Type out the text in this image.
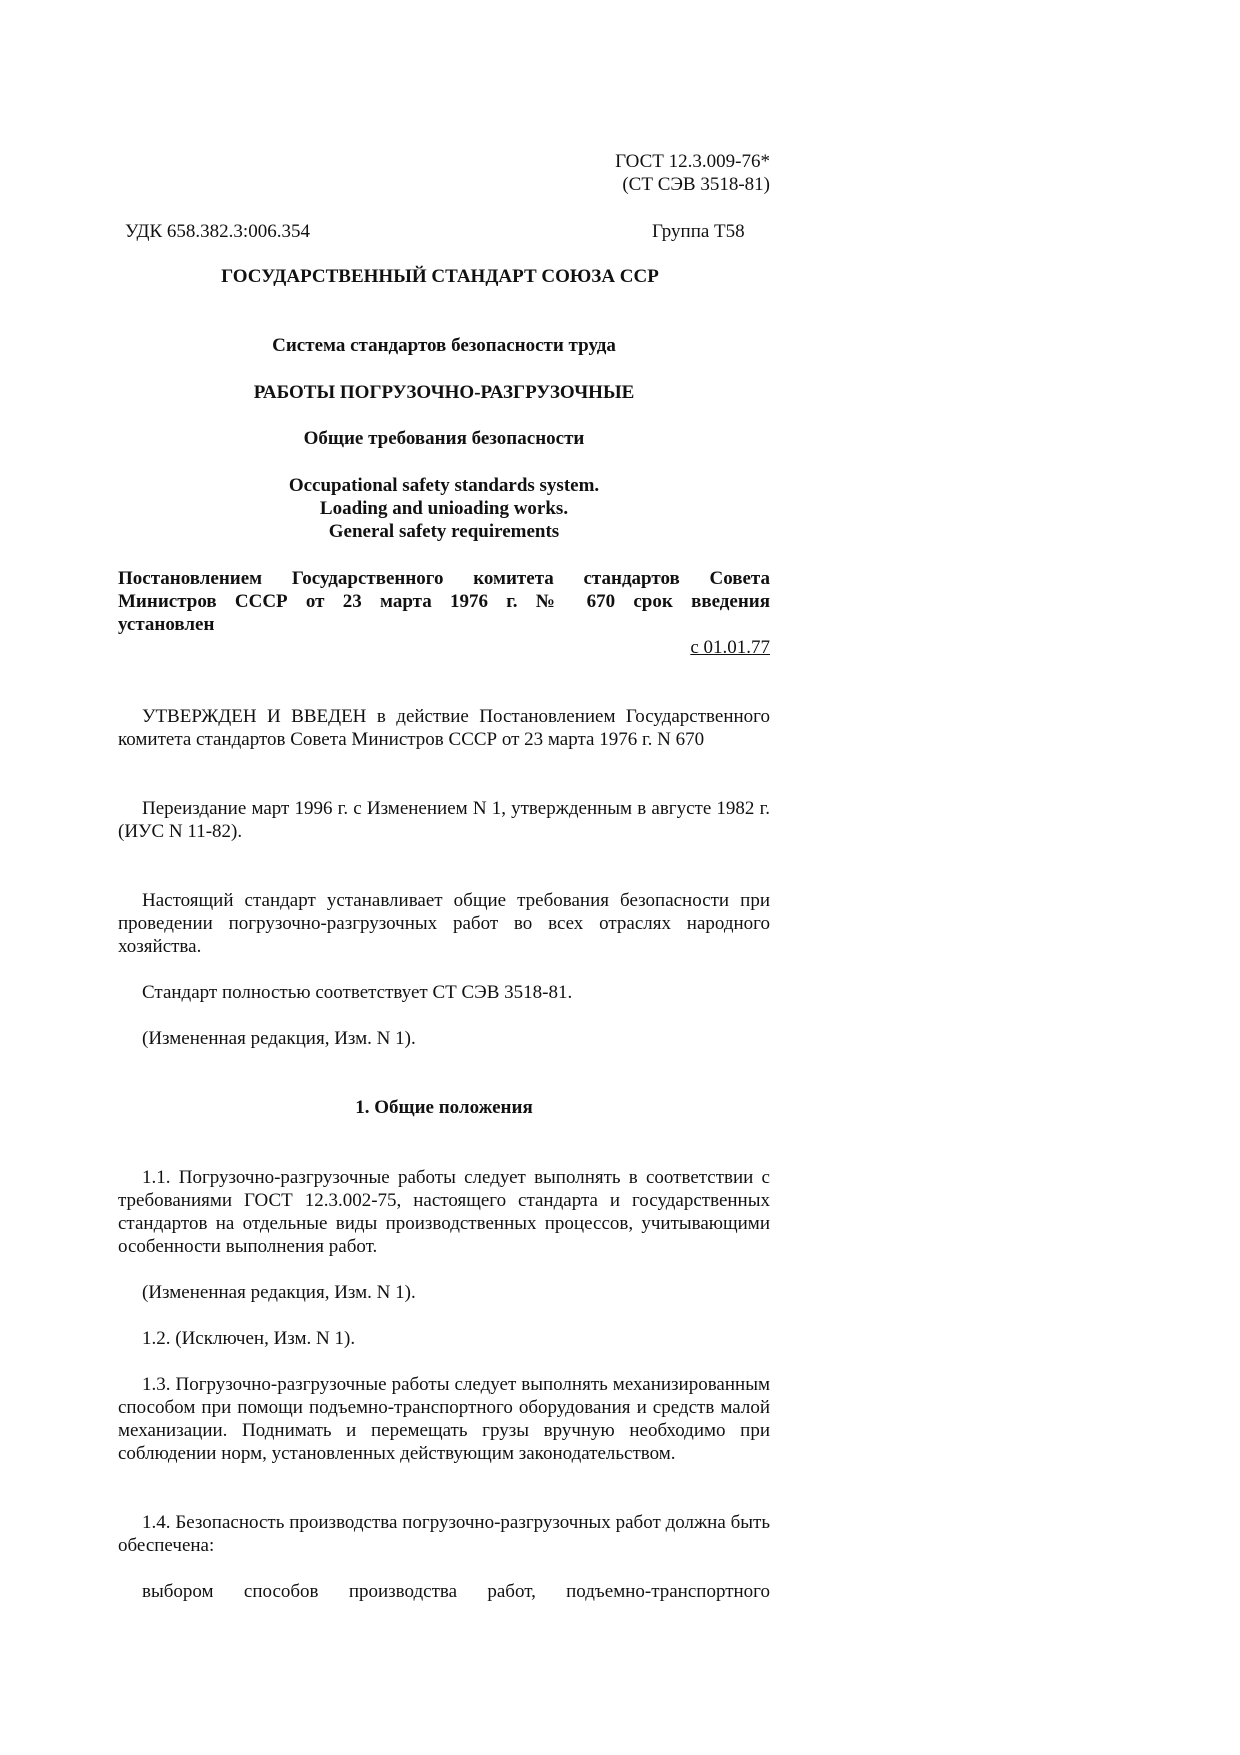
ГОСТ 12.3.009-76*
(СТ СЭВ 3518-81)
УДК 658.382.3:006.354	Группа Т58
ГОСУДАРСТВЕННЫЙ СТАНДАРТ СОЮЗА ССР
Система стандартов безопасности труда
РАБОТЫ ПОГРУЗОЧНО-РАЗГРУЗОЧНЫЕ
Общие требования безопасности
Occupational safety standards system.
Loading and unioading works.
General safety requirements
Постановлением Государственного комитета стандартов Совета
Министров СССР от 23 марта 1976 г. № 670 срок введения
установлен
с 01.01.77

УТВЕРЖДЕН И ВВЕДЕН в действие Постановлением Государственного комитета стандартов Совета Министров СССР от 23 марта 1976 г. N 670

Переиздание март 1996 г. с Изменением N 1, утвержденным в августе 1982 г. (ИУС N 11-82).

Настоящий стандарт устанавливает общие требования безопасности при проведении погрузочно-разгрузочных работ во всех отраслях народного хозяйства.

Стандарт полностью соответствует СТ СЭВ 3518-81.

(Измененная редакция, Изм. N 1).

1. Общие положения

1.1. Погрузочно-разгрузочные работы следует выполнять в соответствии с требованиями ГОСТ 12.3.002-75, настоящего стандарта и государственных стандартов на отдельные виды производственных процессов, учитывающими особенности выполнения работ.

(Измененная редакция, Изм. N 1).

1.2. (Исключен, Изм. N 1).

1.3. Погрузочно-разгрузочные работы следует выполнять механизированным способом при помощи подъемно-транспортного оборудования и средств малой механизации. Поднимать и перемещать грузы вручную необходимо при соблюдении норм, установленных действующим законодательством.

1.4. Безопасность производства погрузочно-разгрузочных работ должна быть обеспечена:

выбором способов производства работ, подъемно-транспортного
